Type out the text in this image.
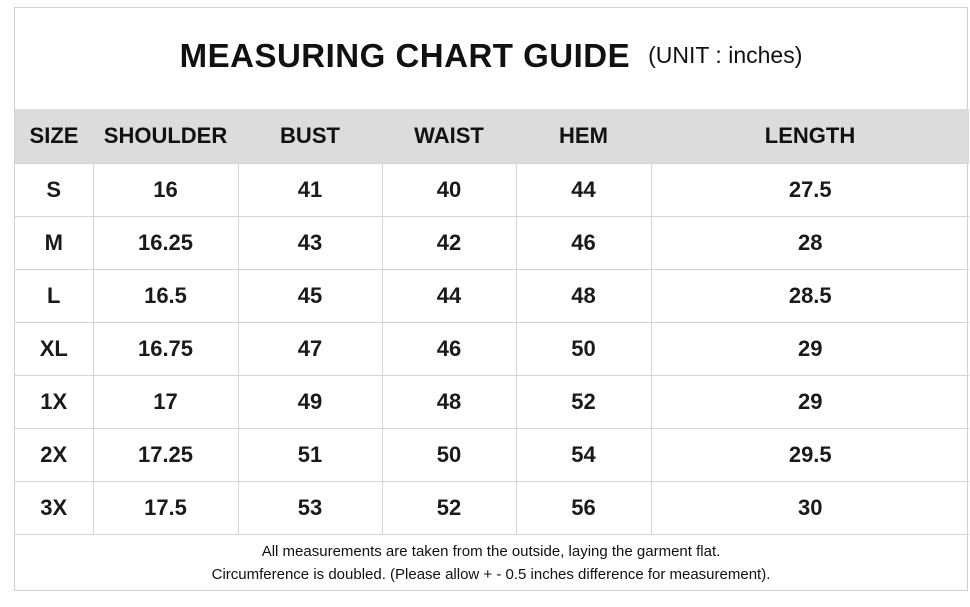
MEASURING CHART GUIDE (UNIT : inches)
SIZE	SHOULDER	BUST	WAIST	HEM	LENGTH
S	16	41	40	44	27.5
M	16.25	43	42	46	28
L	16.5	45	44	48	28.5
XL	16.75	47	46	50	29
1X	17	49	48	52	29
2X	17.25	51	50	54	29.5
3X	17.5	53	52	56	30
All measurements are taken from the outside, laying the garment flat.
Circumference is doubled. (Please allow + - 0.5 inches difference for measurement).
